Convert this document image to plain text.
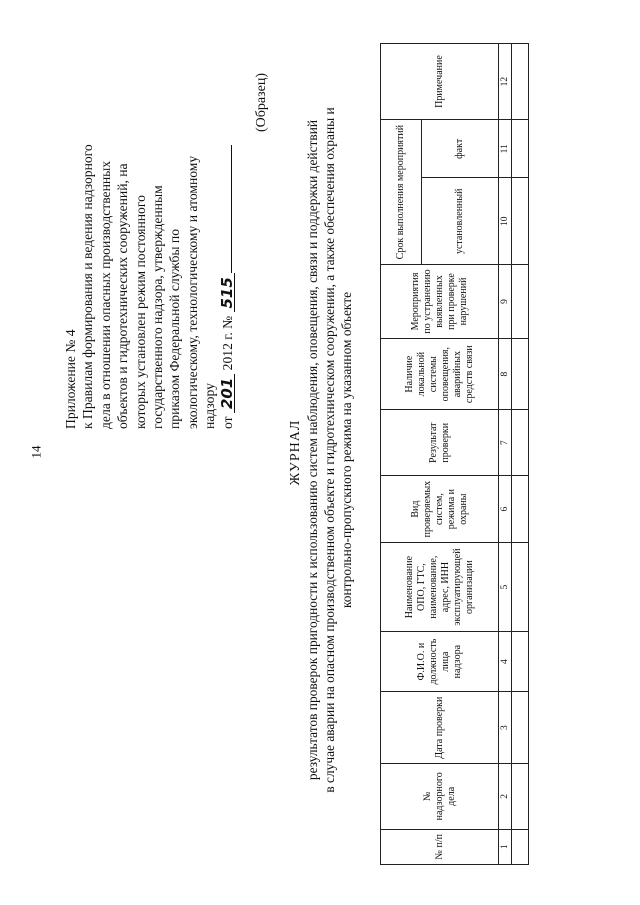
14
Приложение № 4 к Правилам формирования и ведения надзорного дела в отношении опасных производственных объектов и гидротехнических сооружений, на которых установлен режим постоянного государственного надзора, утвержденным приказом Федеральной службы по экологическому, технологическому и атомному надзору от 201 2012 г. № 515
(Образец)
ЖУРНАЛ результатов проверок пригодности к использованию систем наблюдения, оповещения, связи и поддержки действий в случае аварии на опасном производственном объекте и гидротехническом сооружении, а также обеспечения охраны и контрольно-пропускного режима на указанном объекте
№ п/п	№ надзорного дела	Дата проверки	Ф.И.О. и должность лица надзора	Наименование ОПО, ГТС, наименование, адрес, ИНН эксплуатирующей организации	Вид проверяемых систем, режима и охраны	Результат проверки	Наличие локальной системы оповещения, аварийных средств связи	Мероприятия по устранению выявленных при проверке нарушений	Срок выполнения мероприятий		Примечание
									установленный	факт	
1	2	3	4	5	6	7	8	9	10	11	12
